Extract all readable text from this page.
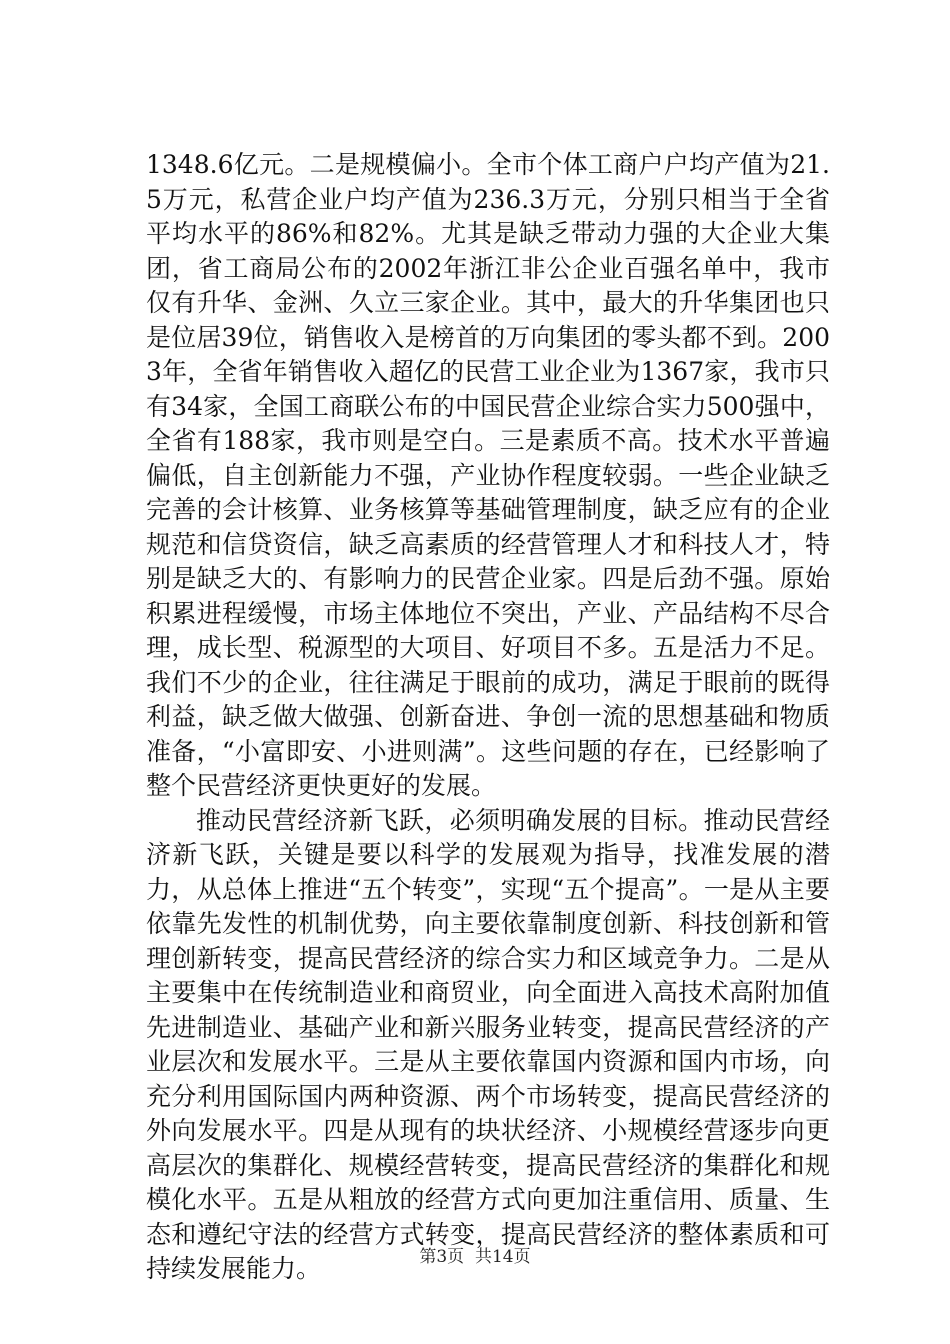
1348.6亿元。二是规模偏小。全市个体工商户户均产值为21.5万元，私营企业户均产值为236.3万元，分别只相当于全省平均水平的86%和82%。尤其是缺乏带动力强的大企业大集团，省工商局公布的2002年浙江非公企业百强名单中，我市仅有升华、金洲、久立三家企业。其中，最大的升华集团也只是位居39位，销售收入是榜首的万向集团的零头都不到。2003年，全省年销售收入超亿的民营工业企业为1367家，我市只有34家，全国工商联公布的中国民营企业综合实力500强中，全省有188家，我市则是空白。三是素质不高。技术水平普遍偏低，自主创新能力不强，产业协作程度较弱。一些企业缺乏完善的会计核算、业务核算等基础管理制度，缺乏应有的企业规范和信贷资信，缺乏高素质的经营管理人才和科技人才，特别是缺乏大的、有影响力的民营企业家。四是后劲不强。原始积累进程缓慢，市场主体地位不突出，产业、产品结构不尽合理，成长型、税源型的大项目、好项目不多。五是活力不足。我们不少的企业，往往满足于眼前的成功，满足于眼前的既得利益，缺乏做大做强、创新奋进、争创一流的思想基础和物质准备，“小富即安、小进则满”。这些问题的存在，已经影响了整个民营经济更快更好的发展。

推动民营经济新飞跃，必须明确发展的目标。推动民营经济新飞跃，关键是要以科学的发展观为指导，找准发展的潜力，从总体上推进“五个转变”，实现“五个提高”。一是从主要依靠先发性的机制优势，向主要依靠制度创新、科技创新和管理创新转变，提高民营经济的综合实力和区域竞争力。二是从主要集中在传统制造业和商贸业，向全面进入高技术高附加值先进制造业、基础产业和新兴服务业转变，提高民营经济的产业层次和发展水平。三是从主要依靠国内资源和国内市场，向充分利用国际国内两种资源、两个市场转变，提高民营经济的外向发展水平。四是从现有的块状经济、小规模经营逐步向更高层次的集群化、规模经营转变，提高民营经济的集群化和规模化水平。五是从粗放的经营方式向更加注重信用、质量、生态和遵纪守法的经营方式转变，提高民营经济的整体素质和可持续发展能力。	第3页  共14页
